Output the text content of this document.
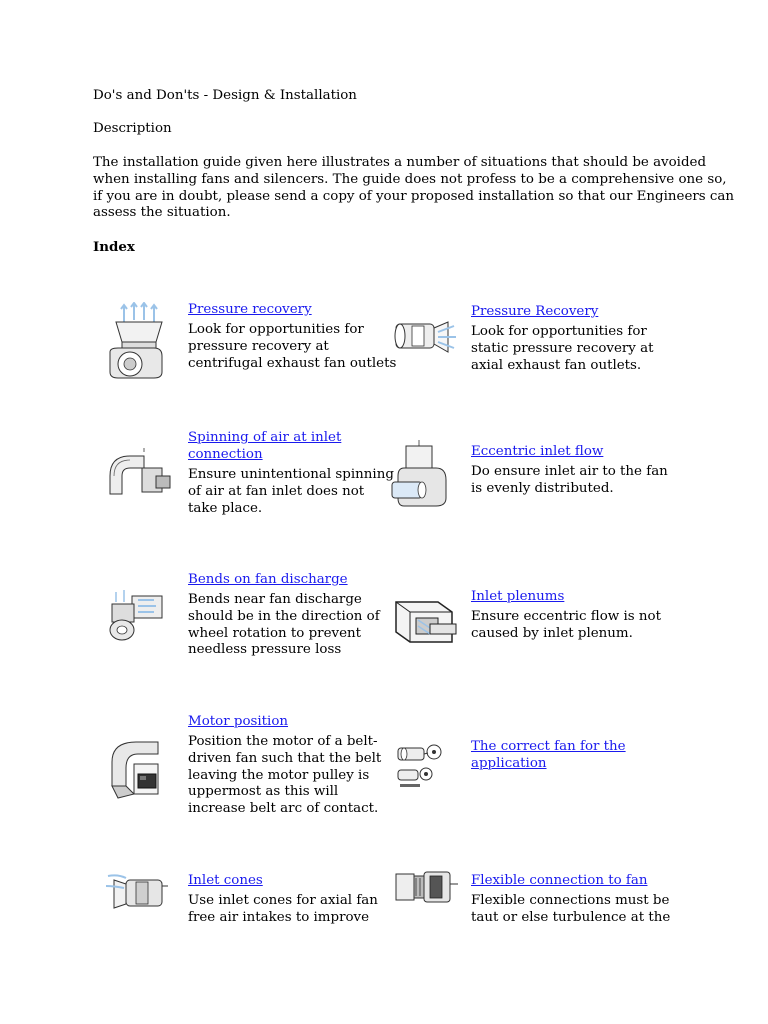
Do's and Don'ts - Design & Installation
Description
The installation guide given here illustrates a number of situations that should be avoided
when installing fans and silencers. The guide does not profess to be a comprehensive one so,
if you are in doubt, please send a copy of your proposed installation so that our Engineers can
assess the situation.
Index
Pressure recovery
Look for opportunities for
pressure recovery at
centrifugal exhaust fan outlets
Pressure Recovery
Look for opportunities for
static pressure recovery at
axial exhaust fan outlets.
Spinning of air at inlet
connection
Ensure unintentional spinning
of air at fan inlet does not
take place.
Eccentric inlet flow
Do ensure inlet air to the fan
is evenly distributed.
Bends on fan discharge
Bends near fan discharge
should be in the direction of
wheel rotation to prevent
needless pressure loss
Inlet plenums
Ensure eccentric flow is not
caused by inlet plenum.
Motor position
Position the motor of a belt-
driven fan such that the belt
leaving the motor pulley is
uppermost as this will
increase belt arc of contact.
The correct fan for the
application
Inlet cones
Use inlet cones for axial fan
free air intakes to improve
Flexible connection to fan
Flexible connections must be
taut or else turbulence at the
